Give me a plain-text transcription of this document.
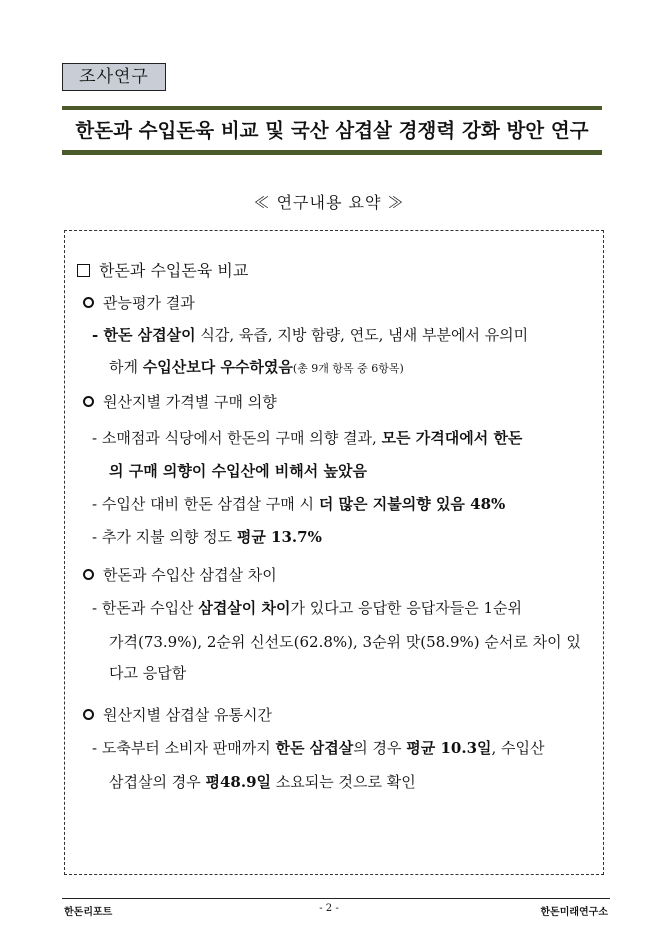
조사연구
한돈과 수입돈육 비교 및 국산 삼겹살 경쟁력 강화 방안 연구
≪ 연구내용 요약 ≫
한돈과 수입돈육 비교
관능평가 결과
- 한돈 삼겹살이 식감, 육즙, 지방 함량, 연도, 냄새 부분에서 유의미
하게 수입산보다 우수하였음(총 9개 항목 중 6항목)
원산지별 가격별 구매 의향
- 소매점과 식당에서 한돈의 구매 의향 결과, 모든 가격대에서 한돈
의 구매 의향이 수입산에 비해서 높았음
- 수입산 대비 한돈 삼겹살 구매 시 더 많은 지불의향 있음 48%
- 추가 지불 의향 정도 평균 13.7%
한돈과 수입산 삼겹살 차이
- 한돈과 수입산 삼겹살이 차이가 있다고 응답한 응답자들은 1순위
가격(73.9%), 2순위 신선도(62.8%), 3순위 맛(58.9%) 순서로 차이 있
다고 응답함
원산지별 삼겹살 유통시간
- 도축부터 소비자 판매까지 한돈 삼겹살의 경우 평균 10.3일, 수입산
삼겹살의 경우 평48.9일 소요되는 것으로 확인
한돈리포트	- 2 -	한돈미래연구소
